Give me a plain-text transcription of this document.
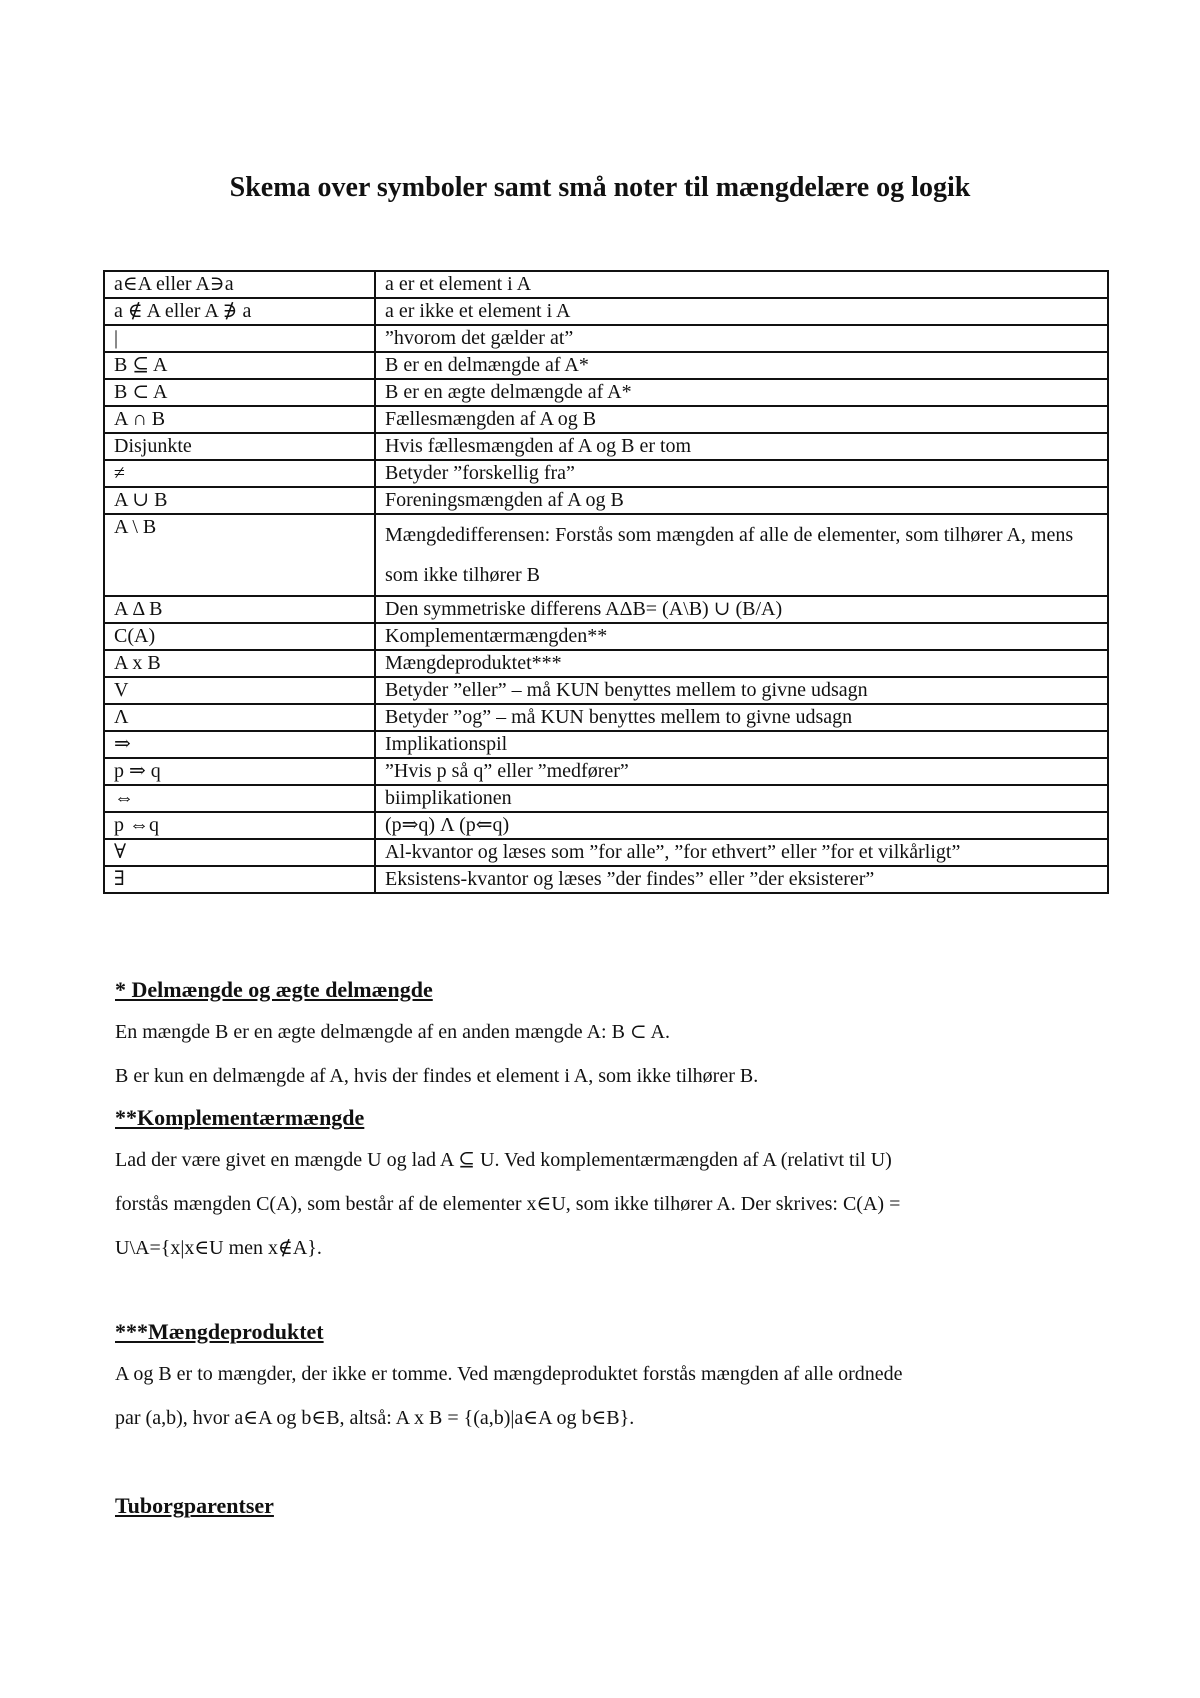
Skema over symboler samt små noter til mængdelære og logik
a∈A eller A∋a	a er et element i A
a ∉ A eller A ∌ a	a er ikke et element i A
|	”hvorom det gælder at”
B ⊆ A	B er en delmængde af A*
B ⊂ A	B er en ægte delmængde af A*
A ∩ B	Fællesmængden af A og B
Disjunkte	Hvis fællesmængden af A og B er tom
≠	Betyder ”forskellig fra”
A ∪ B	Foreningsmængden af A og B
A \ B	Mængdedifferensen: Forstås som mængden af alle de elementer, som tilhører A, mens som ikke tilhører B
A Δ B	Den symmetriske differens AΔB= (A\B) ∪ (B/A)
C(A)	Komplementærmængden**
A x B	Mængdeproduktet***
V	Betyder ”eller” – må KUN benyttes mellem to givne udsagn
Λ	Betyder ”og” – må KUN benyttes mellem to givne udsagn
⇒	Implikationspil
p ⇒ q	”Hvis p så q” eller ”medfører”
⇔	biimplikationen
p ⇔q	(p⇒q) Λ (p⇐q)
∀	Al-kvantor og læses som ”for alle”, ”for ethvert” eller ”for et vilkårligt”
∃	Eksistens-kvantor og læses ”der findes” eller ”der eksisterer”
* Delmængde og ægte delmængde

En mængde B er en ægte delmængde af en anden mængde A: B ⊂ A.

B er kun en delmængde af A, hvis der findes et element i A, som ikke tilhører B.

**Komplementærmængde

Lad der være givet en mængde U og lad A ⊆ U. Ved komplementærmængden af A (relativt til U)

forstås mængden C(A), som består af de elementer x∈U, som ikke tilhører A. Der skrives: C(A) =

U\A={x|x∈U men x∉A}.

***Mængdeproduktet

A og B er to mængder, der ikke er tomme. Ved mængdeproduktet forstås mængden af alle ordnede

par (a,b), hvor a∈A og b∈B, altså: A x B = {(a,b)|a∈A og b∈B}.

Tuborgparentser
